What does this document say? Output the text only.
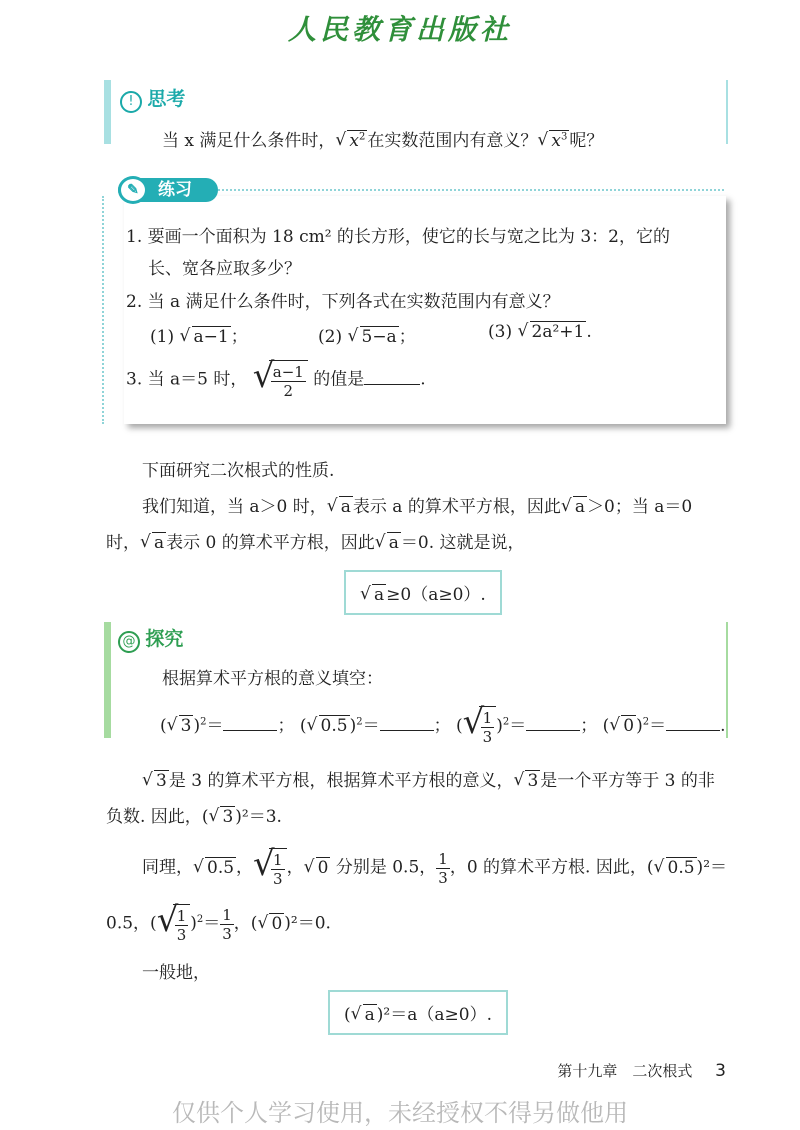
人民教育出版社
! 思考
当 x 满足什么条件时， √ $x^2$ 在实数范围内有意义？ √ $x^3$ 呢？
练习
✎
1. 要画一个面积为 18 cm² 的长方形，使它的长与宽之比为 3：2，它的
长、宽各应取多少？
2. 当 a 满足什么条件时，下列各式在实数范围内有意义？
(1) √ a−1 ；	(2) √ 5−a ；	(3) √ 2a²+1 .
3. 当 a＝5 时， √
$\frac{a-1}{2}$ 的值是	.
下面研究二次根式的性质.
我们知道，当 a＞0 时， √ a 表示 a 的算术平方根，因此 √ a ＞0；当 a＝0
时， √ a 表示 0 的算术平方根，因此 √ a ＝0. 这就是说，
√ a ≥0（a≥0）.
@ 探究
根据算术平方根的意义填空：
( √ 3 )$^2$＝	； ( √ 0.5 )$^2$＝	； ( √
$\frac{1}{3} )^2=$	； ( √ 0 )$^2$＝	.
√ 3 是 3 的算术平方根，根据算术平方根的意义， √ 3 是一个平方等于 3 的非
负数. 因此，( √ 3 )²＝3.
同理， √ 0.5 ， √
$\frac{1}{3}$ ， √ 0 分别是 0.5， $\frac{1}{3}$ ，0 的算术平方根. 因此，( √ 0.5 )²＝
0.5，( √
$\frac{1}{3} )^2= \frac{1}{3}$ ，( √ 0 )²＝0.
一般地，
( √ a )²＝a（a≥0）.
第十九章　二次根式 3
仅供个人学习使用，未经授权不得另做他用
